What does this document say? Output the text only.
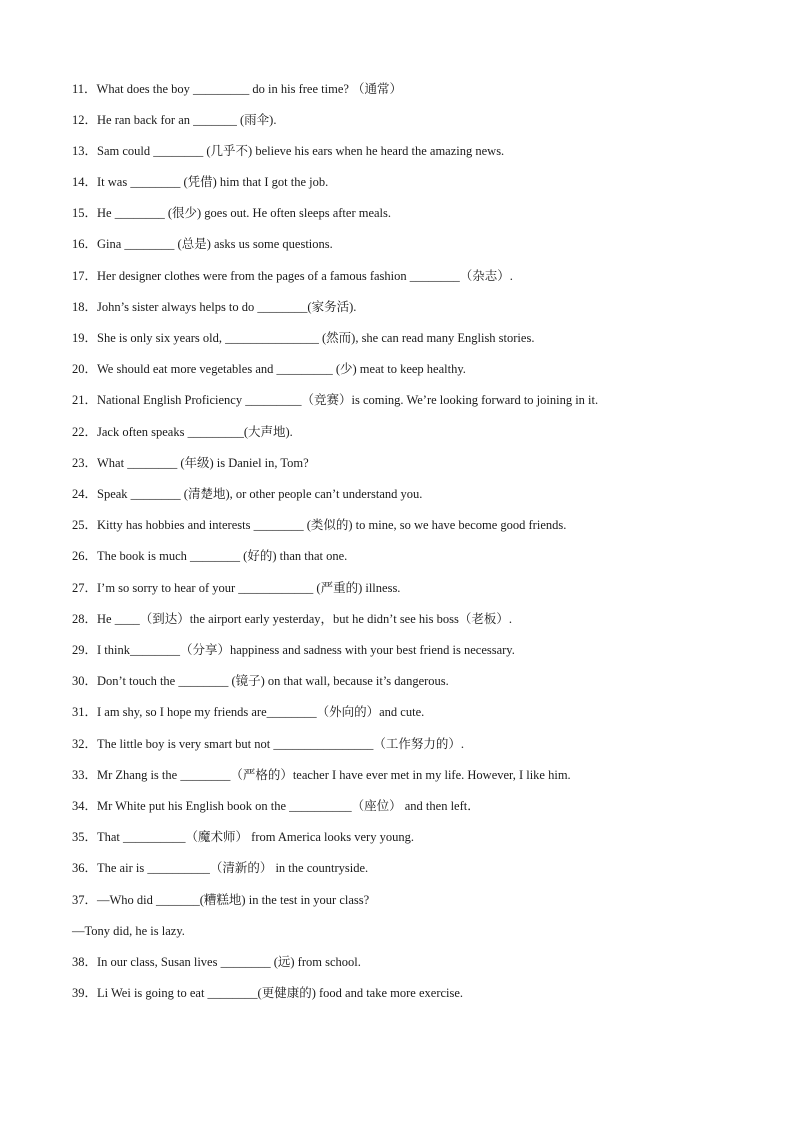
11．What does the boy _________ do in his free time? （通常）
12．He ran back for an _______ (雨伞).
13．Sam could ________ (几乎不) believe his ears when he heard the amazing news.
14．It was ________ (凭借) him that I got the job.
15．He ________ (很少) goes out. He often sleeps after meals.
16．Gina ________ (总是) asks us some questions.
17．Her designer clothes were from the pages of a famous fashion ________（杂志）.
18．John’s sister always helps to do ________(家务活).
19．She is only six years old, _______________ (然而), she can read many English stories.
20．We should eat more vegetables and _________ (少) meat to keep healthy.
21．National English Proficiency _________（竞赛）is coming. We’re looking forward to joining in it.
22．Jack often speaks _________(大声地).
23．What ________ (年级) is Daniel in, Tom?
24．Speak ________ (清楚地), or other people can’t understand you.
25．Kitty has hobbies and interests ________ (类似的) to mine, so we have become good friends.
26．The book is much ________ (好的) than that one.
27．I’m so sorry to hear of your ____________ (严重的) illness.
28．He ____（到达）the airport early yesterday，but he didn’t see his boss（老板）.
29．I think________（分享）happiness and sadness with your best friend is necessary.
30．Don’t touch the ________ (镜子) on that wall, because it’s dangerous.
31．I am shy, so I hope my friends are________（外向的）and cute.
32．The little boy is very smart but not ________________（工作努力的）.
33．Mr Zhang is the ________（严格的）teacher I have ever met in my life. However, I like him.
34．Mr White put his English book on the __________（座位） and then left．
35．That __________（魔术师） from America looks very young.
36．The air is __________（清新的） in the countryside.
37．—Who did _______(糟糕地) in the test in your class?
—Tony did, he is lazy.
38．In our class, Susan lives ________ (远) from school.
39．Li Wei is going to eat ________(更健康的) food and take more exercise.
